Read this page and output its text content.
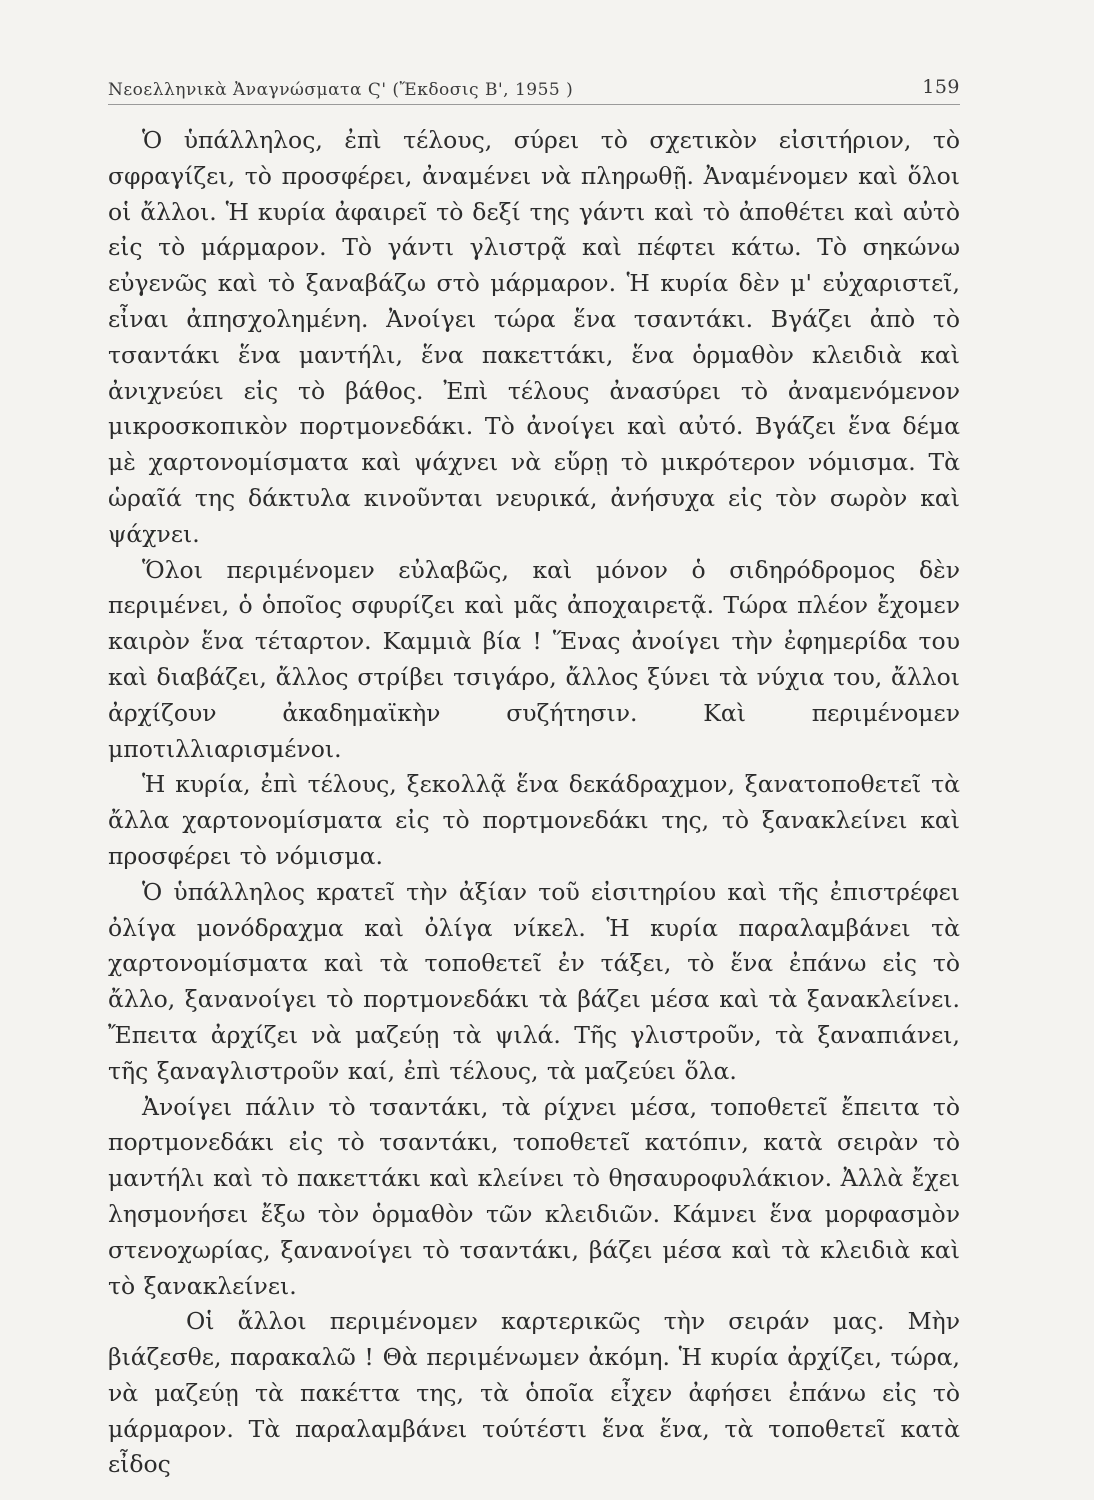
Νεοελληνικὰ Ἀναγνώσματα Ϛ' (Ἔκδοσις Β', 1955 )	159

Ὁ ὑπάλληλος, ἐπὶ τέλους, σύρει τὸ σχετικὸν εἰσιτήριον, τὸ σφραγίζει, τὸ προσφέρει, ἀναμένει νὰ πληρωθῇ. Ἀναμένομεν καὶ ὅλοι οἱ ἄλλοι. Ἡ κυρία ἀφαιρεῖ τὸ δεξί της γάντι καὶ τὸ ἀποθέτει καὶ αὐτὸ εἰς τὸ μάρμαρον. Τὸ γάντι γλιστρᾷ καὶ πέφτει κάτω. Τὸ σηκώνω εὐγενῶς καὶ τὸ ξαναβάζω στὸ μάρμαρον. Ἡ κυρία δὲν μ' εὐχαριστεῖ, εἶναι ἀπησχολημένη. Ἀνοίγει τώρα ἕνα τσαντάκι. Βγάζει ἀπὸ τὸ τσαντάκι ἕνα μαντήλι, ἕνα πακεττάκι, ἕνα ὁρμαθὸν κλειδιὰ καὶ ἀνιχνεύει εἰς τὸ βάθος. Ἐπὶ τέλους ἀνασύρει τὸ ἀναμενόμενον μικροσκοπικὸν πορτμονεδάκι. Τὸ ἀνοίγει καὶ αὐτό. Βγάζει ἕνα δέμα μὲ χαρτονομίσματα καὶ ψάχνει νὰ εὕρῃ τὸ μικρότερον νόμισμα. Τὰ ὡραῖά της δάκτυλα κινοῦνται νευρικά, ἀνήσυχα εἰς τὸν σωρὸν καὶ ψάχνει.

Ὅλοι περιμένομεν εὐλαβῶς, καὶ μόνον ὁ σιδηρόδρομος δὲν περιμένει, ὁ ὁποῖος σφυρίζει καὶ μᾶς ἀποχαιρετᾷ. Τώρα πλέον ἔχομεν καιρὸν ἕνα τέταρτον. Καμμιὰ βία ! Ἕνας ἀνοίγει τὴν ἐφημερίδα του καὶ διαβάζει, ἄλλος στρίβει τσιγάρο, ἄλλος ξύνει τὰ νύχια του, ἄλλοι ἀρχίζουν ἀκαδημαϊκὴν συζήτησιν. Καὶ περιμένομεν μποτιλλιαρισμένοι.

Ἡ κυρία, ἐπὶ τέλους, ξεκολλᾷ ἕνα δεκάδραχμον, ξανατοποθετεῖ τὰ ἄλλα χαρτονομίσματα εἰς τὸ πορτμονεδάκι της, τὸ ξανακλείνει καὶ προσφέρει τὸ νόμισμα.

Ὁ ὑπάλληλος κρατεῖ τὴν ἀξίαν τοῦ εἰσιτηρίου καὶ τῆς ἐπιστρέφει ὀλίγα μονόδραχμα καὶ ὀλίγα νίκελ. Ἡ κυρία παραλαμβάνει τὰ χαρτονομίσματα καὶ τὰ τοποθετεῖ ἐν τάξει, τὸ ἕνα ἐπάνω εἰς τὸ ἄλλο, ξανανοίγει τὸ πορτμονεδάκι τὰ βάζει μέσα καὶ τὰ ξανακλείνει. Ἔπειτα ἀρχίζει νὰ μαζεύῃ τὰ ψιλά. Τῆς γλιστροῦν, τὰ ξαναπιάνει, τῆς ξαναγλιστροῦν καί, ἐπὶ τέλους, τὰ μαζεύει ὅλα.

Ἀνοίγει πάλιν τὸ τσαντάκι, τὰ ρίχνει μέσα, τοποθετεῖ ἔπειτα τὸ πορτμονεδάκι εἰς τὸ τσαντάκι, τοποθετεῖ κατόπιν, κατὰ σειρὰν τὸ μαντήλι καὶ τὸ πακεττάκι καὶ κλείνει τὸ θησαυροφυλάκιον. Ἀλλὰ ἔχει λησμονήσει ἔξω τὸν ὁρμαθὸν τῶν κλειδιῶν. Κάμνει ἕνα μορφασμὸν στενοχωρίας, ξανανοίγει τὸ τσαντάκι, βάζει μέσα καὶ τὰ κλειδιὰ καὶ τὸ ξανακλείνει.

Οἱ ἄλλοι περιμένομεν καρτερικῶς τὴν σειράν μας. Μὴν βιάζεσθε, παρακαλῶ ! Θὰ περιμένωμεν ἀκόμη. Ἡ κυρία ἀρχίζει, τώρα, νὰ μαζεύῃ τὰ πακέττα της, τὰ ὁποῖα εἶχεν ἀφήσει ἐπάνω εἰς τὸ μάρμαρον. Τὰ παραλαμβάνει τούτέστι ἕνα ἕνα, τὰ τοποθετεῖ κατὰ εἶδος
